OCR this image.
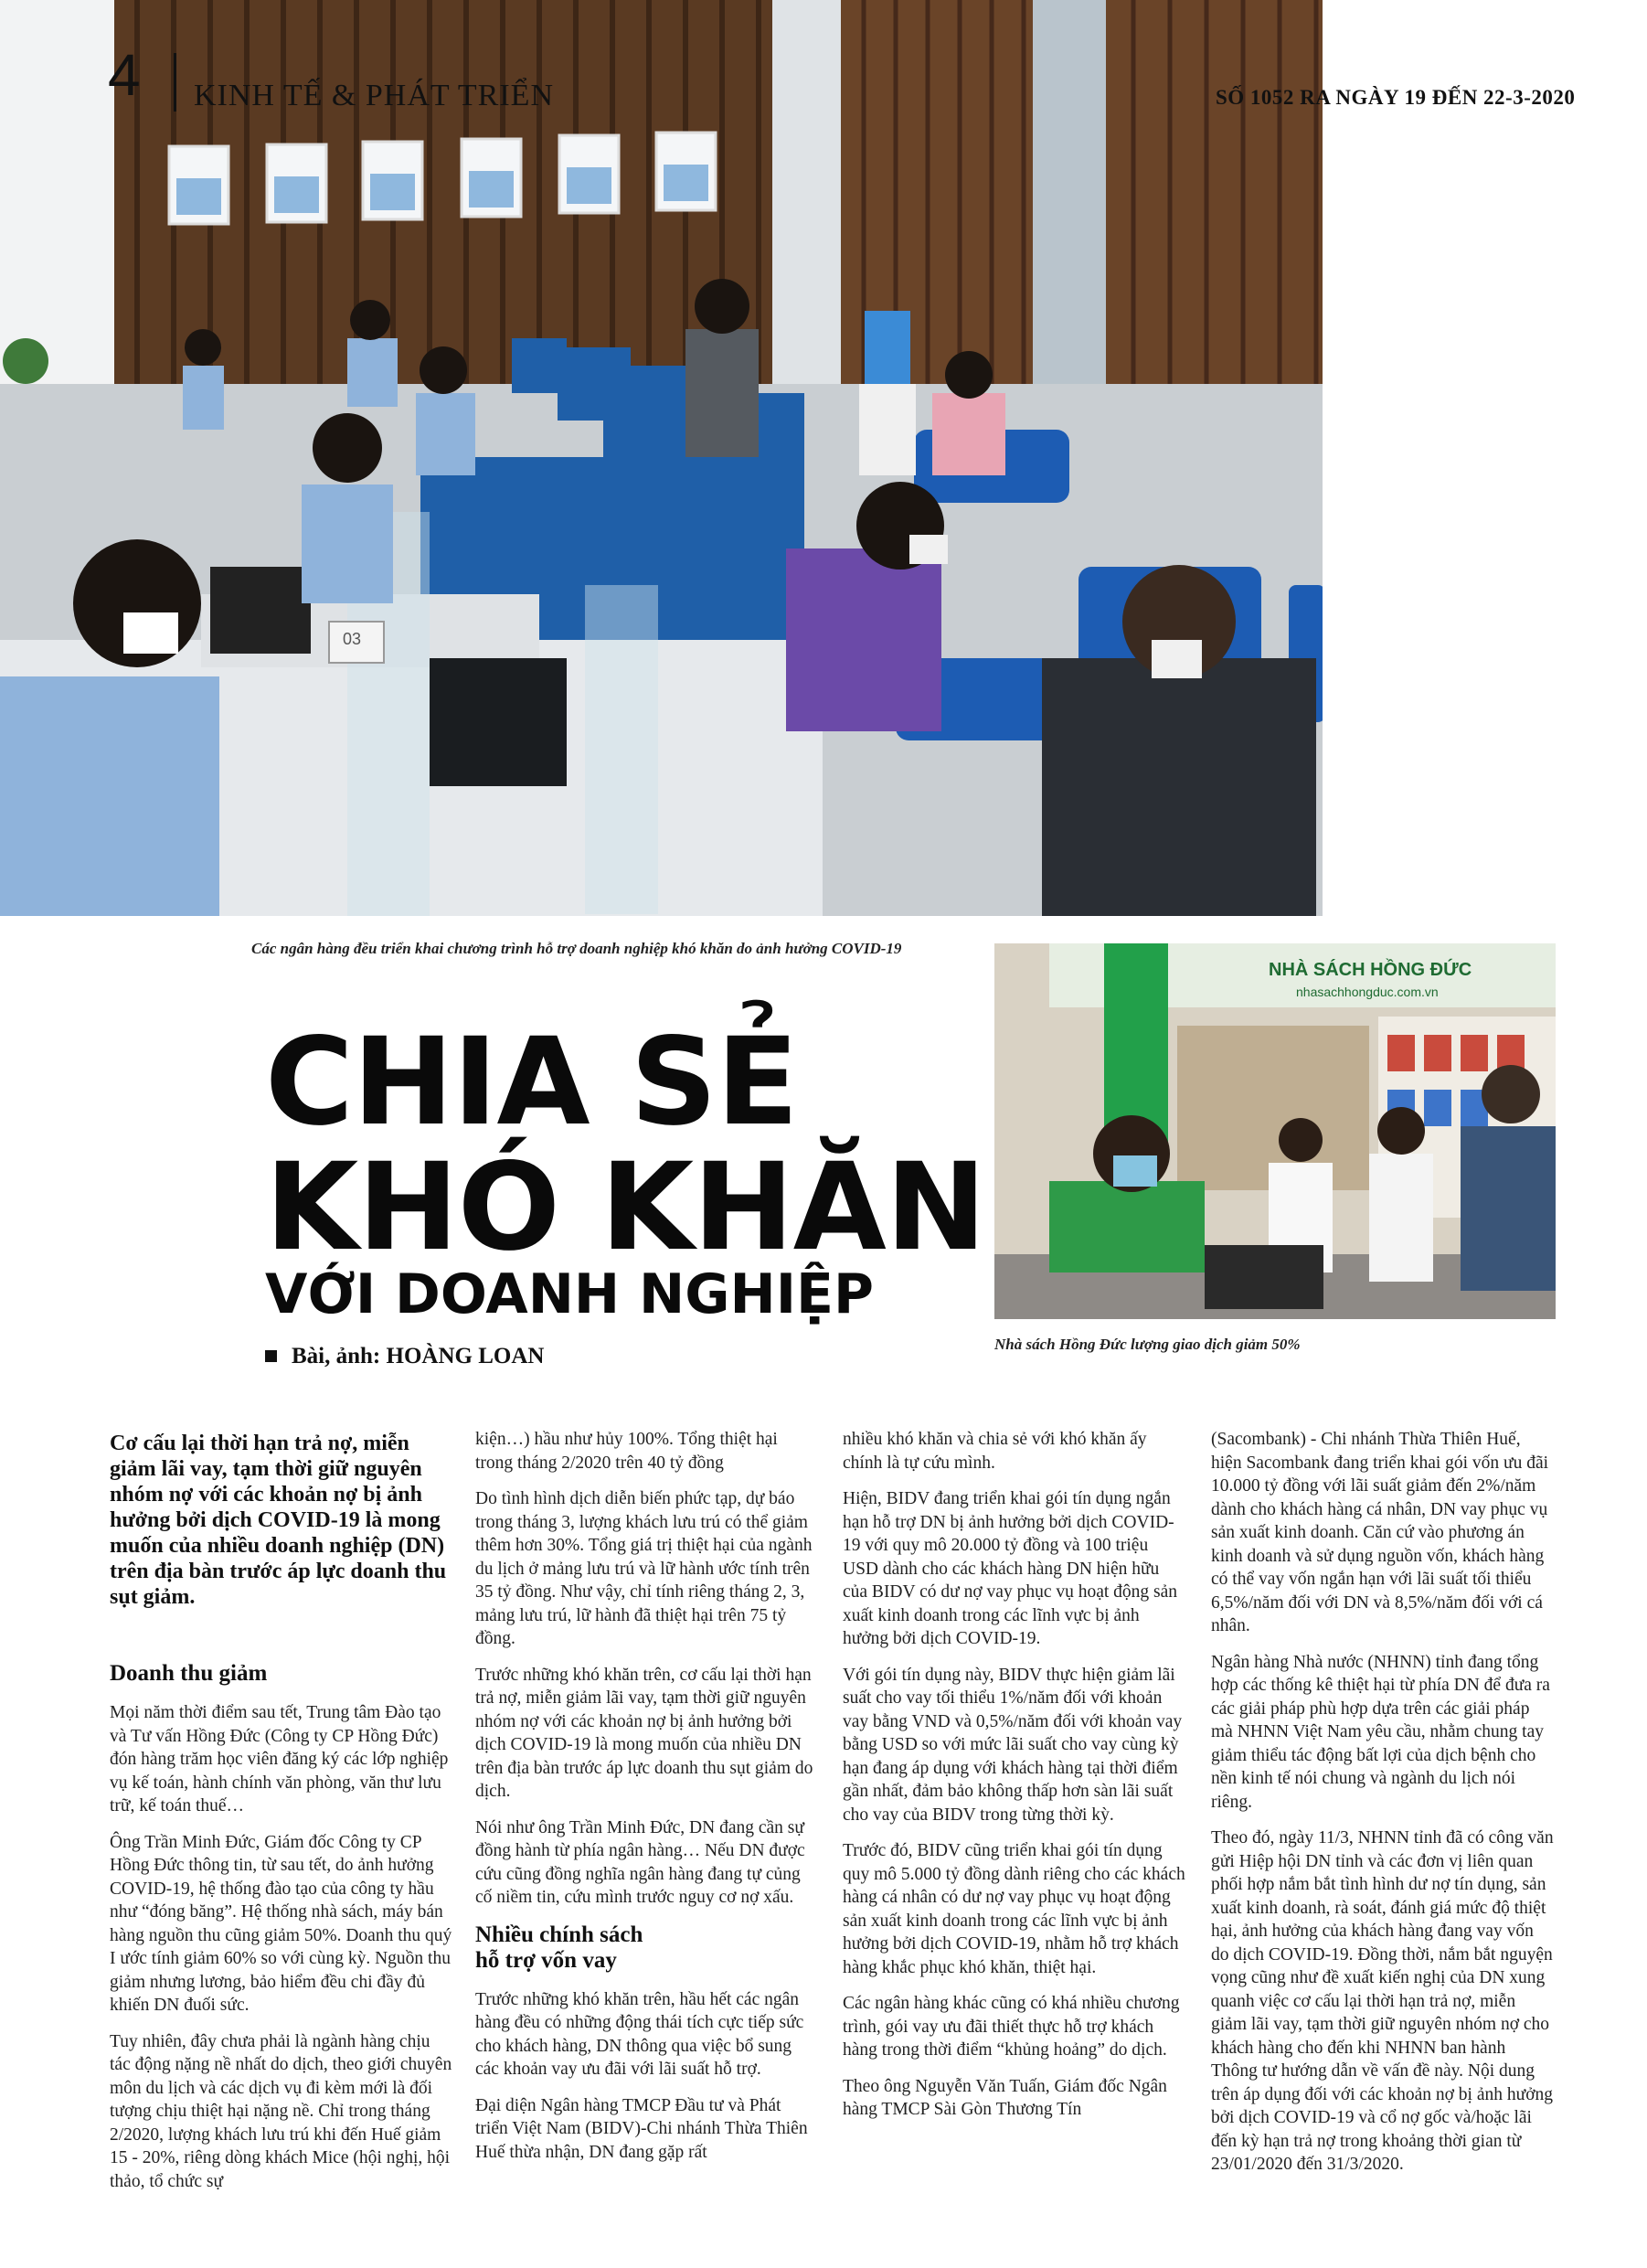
03
4 KINH TẾ & PHÁT TRIỂN	SỐ 1052 RA NGÀY 19 ĐẾN 22-3-2020
Các ngân hàng đều triển khai chương trình hỗ trợ doanh nghiệp khó khăn do ảnh hưởng COVID-19
CHIA SẺ
KHÓ KHĂN
VỚI DOANH NGHIỆP
Bài, ảnh: HOÀNG LOAN
NHÀ SÁCH HỒNG ĐỨC
nhasachhongduc.com.vn
Nhà sách Hồng Đức lượng giao dịch giảm 50%

Cơ cấu lại thời hạn trả nợ, miễn giảm lãi vay, tạm thời giữ nguyên nhóm nợ với các khoản nợ bị ảnh hưởng bởi dịch COVID-19 là mong muốn của nhiều doanh nghiệp (DN) trên địa bàn trước áp lực doanh thu sụt giảm.

Doanh thu giảm

Mọi năm thời điểm sau tết, Trung tâm Đào tạo và Tư vấn Hồng Đức (Công ty CP Hồng Đức) đón hàng trăm học viên đăng ký các lớp nghiệp vụ kế toán, hành chính văn phòng, văn thư lưu trữ, kế toán thuế…

Ông Trần Minh Đức, Giám đốc Công ty CP Hồng Đức thông tin, từ sau tết, do ảnh hưởng COVID-19, hệ thống đào tạo của công ty hầu như “đóng băng”. Hệ thống nhà sách, máy bán hàng nguồn thu cũng giảm 50%. Doanh thu quý I ước tính giảm 60% so với cùng kỳ. Nguồn thu giảm nhưng lương, bảo hiểm đều chi đầy đủ khiến DN đuối sức.

Tuy nhiên, đây chưa phải là ngành hàng chịu tác động nặng nề nhất do dịch, theo giới chuyên môn du lịch và các dịch vụ đi kèm mới là đối tượng chịu thiệt hại nặng nề. Chỉ trong tháng 2/2020, lượng khách lưu trú khi đến Huế giảm 15 - 20%, riêng dòng khách Mice (hội nghị, hội thảo, tổ chức sự

kiện…) hầu như hủy 100%. Tổng thiệt hại trong tháng 2/2020 trên 40 tỷ đồng

Do tình hình dịch diễn biến phức tạp, dự báo trong tháng 3, lượng khách lưu trú có thể giảm thêm hơn 30%. Tổng giá trị thiệt hại của ngành du lịch ở mảng lưu trú và lữ hành ước tính trên 35 tỷ đồng. Như vậy, chỉ tính riêng tháng 2, 3, mảng lưu trú, lữ hành đã thiệt hại trên 75 tỷ đồng.

Trước những khó khăn trên, cơ cấu lại thời hạn trả nợ, miễn giảm lãi vay, tạm thời giữ nguyên nhóm nợ với các khoản nợ bị ảnh hưởng bởi dịch COVID-19 là mong muốn của nhiều DN trên địa bàn trước áp lực doanh thu sụt giảm do dịch.

Nói như ông Trần Minh Đức, DN đang cần sự đồng hành từ phía ngân hàng… Nếu DN được cứu cũng đồng nghĩa ngân hàng đang tự củng cố niềm tin, cứu mình trước nguy cơ nợ xấu.

Nhiều chính sách
hỗ trợ vốn vay

Trước những khó khăn trên, hầu hết các ngân hàng đều có những động thái tích cực tiếp sức cho khách hàng, DN thông qua việc bổ sung các khoản vay ưu đãi với lãi suất hỗ trợ.

Đại diện Ngân hàng TMCP Đầu tư và Phát triển Việt Nam (BIDV)-Chi nhánh Thừa Thiên Huế thừa nhận, DN đang gặp rất

nhiều khó khăn và chia sẻ với khó khăn ấy chính là tự cứu mình.

Hiện, BIDV đang triển khai gói tín dụng ngắn hạn hỗ trợ DN bị ảnh hưởng bởi dịch COVID-19 với quy mô 20.000 tỷ đồng và 100 triệu USD dành cho các khách hàng DN hiện hữu của BIDV có dư nợ vay phục vụ hoạt động sản xuất kinh doanh trong các lĩnh vực bị ảnh hưởng bởi dịch COVID-19.

Với gói tín dụng này, BIDV thực hiện giảm lãi suất cho vay tối thiểu 1%/năm đối với khoản vay bằng VND và 0,5%/năm đối với khoản vay bằng USD so với mức lãi suất cho vay cùng kỳ hạn đang áp dụng với khách hàng tại thời điểm gần nhất, đảm bảo không thấp hơn sàn lãi suất cho vay của BIDV trong từng thời kỳ.

Trước đó, BIDV cũng triển khai gói tín dụng quy mô 5.000 tỷ đồng dành riêng cho các khách hàng cá nhân có dư nợ vay phục vụ hoạt động sản xuất kinh doanh trong các lĩnh vực bị ảnh hưởng bởi dịch COVID-19, nhằm hỗ trợ khách hàng khắc phục khó khăn, thiệt hại.

Các ngân hàng khác cũng có khá nhiều chương trình, gói vay ưu đãi thiết thực hỗ trợ khách hàng trong thời điểm “khủng hoảng” do dịch.

Theo ông Nguyễn Văn Tuấn, Giám đốc Ngân hàng TMCP Sài Gòn Thương Tín

(Sacombank) - Chi nhánh Thừa Thiên Huế, hiện Sacombank đang triển khai gói vốn ưu đãi 10.000 tỷ đồng với lãi suất giảm đến 2%/năm dành cho khách hàng cá nhân, DN vay phục vụ sản xuất kinh doanh. Căn cứ vào phương án kinh doanh và sử dụng nguồn vốn, khách hàng có thể vay vốn ngắn hạn với lãi suất tối thiểu 6,5%/năm đối với DN và 8,5%/năm đối với cá nhân.

Ngân hàng Nhà nước (NHNN) tỉnh đang tổng hợp các thống kê thiệt hại từ phía DN để đưa ra các giải pháp phù hợp dựa trên các giải pháp mà NHNN Việt Nam yêu cầu, nhằm chung tay giảm thiểu tác động bất lợi của dịch bệnh cho nền kinh tế nói chung và ngành du lịch nói riêng.

Theo đó, ngày 11/3, NHNN tỉnh đã có công văn gửi Hiệp hội DN tỉnh và các đơn vị liên quan phối hợp nắm bắt tình hình dư nợ tín dụng, sản xuất kinh doanh, rà soát, đánh giá mức độ thiệt hại, ảnh hưởng của khách hàng đang vay vốn do dịch COVID-19. Đồng thời, nắm bắt nguyện vọng cũng như đề xuất kiến nghị của DN xung quanh việc cơ cấu lại thời hạn trả nợ, miễn giảm lãi vay, tạm thời giữ nguyên nhóm nợ cho khách hàng cho đến khi NHNN ban hành Thông tư hướng dẫn về vấn đề này. Nội dung trên áp dụng đối với các khoản nợ bị ảnh hưởng bởi dịch COVID-19 và cổ nợ gốc và/hoặc lãi đến kỳ hạn trả nợ trong khoảng thời gian từ 23/01/2020 đến 31/3/2020.
